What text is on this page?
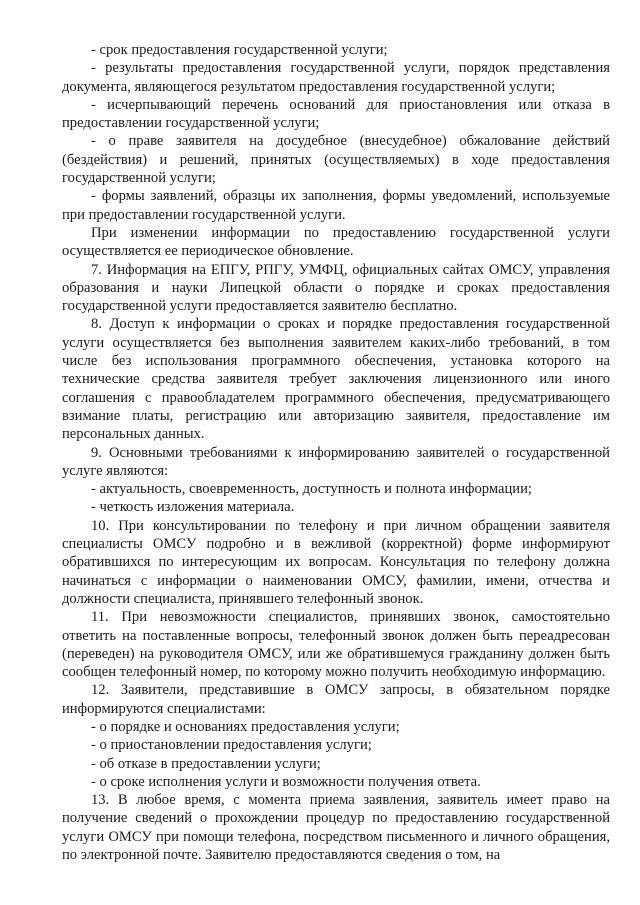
- срок предоставления государственной услуги;

- результаты предоставления государственной услуги, порядок представления документа, являющегося результатом предоставления государственной услуги;

- исчерпывающий перечень оснований для приостановления или отказа в предоставлении государственной услуги;

- о праве заявителя на досудебное (внесудебное) обжалование действий (бездействия) и решений, принятых (осуществляемых) в ходе предоставления государственной услуги;

- формы заявлений, образцы их заполнения, формы уведомлений, используемые при предоставлении государственной услуги.

При изменении информации по предоставлению государственной услуги осуществляется ее периодическое обновление.

7. Информация на ЕПГУ, РПГУ, УМФЦ, официальных сайтах ОМСУ, управления образования и науки Липецкой области о порядке и сроках предоставления государственной услуги предоставляется заявителю бесплатно.

8. Доступ к информации о сроках и порядке предоставления государственной услуги осуществляется без выполнения заявителем каких-либо требований, в том числе без использования программного обеспечения, установка которого на технические средства заявителя требует заключения лицензионного или иного соглашения с правообладателем программного обеспечения, предусматривающего взимание платы, регистрацию или авторизацию заявителя, предоставление им персональных данных.

9. Основными требованиями к информированию заявителей о государственной услуге являются:

- актуальность, своевременность, доступность и полнота информации;

- четкость изложения материала.

10. При консультировании по телефону и при личном обращении заявителя специалисты ОМСУ подробно и в вежливой (корректной) форме информируют обратившихся по интересующим их вопросам. Консультация по телефону должна начинаться с информации о наименовании ОМСУ, фамилии, имени, отчества и должности специалиста, принявшего телефонный звонок.

11. При невозможности специалистов, принявших звонок, самостоятельно ответить на поставленные вопросы, телефонный звонок должен быть переадресован (переведен) на руководителя ОМСУ, или же обратившемуся гражданину должен быть сообщен телефонный номер, по которому можно получить необходимую информацию.

12. Заявители, представившие в ОМСУ запросы, в обязательном порядке информируются специалистами:

- о порядке и основаниях предоставления услуги;

- о приостановлении предоставления услуги;

- об отказе в предоставлении услуги;

- о сроке исполнения услуги и возможности получения ответа.

13. В любое время, с момента приема заявления, заявитель имеет право на получение сведений о прохождении процедур по предоставлению государственной услуги ОМСУ при помощи телефона, посредством письменного и личного обращения, по электронной почте. Заявителю предоставляются сведения о том, на
